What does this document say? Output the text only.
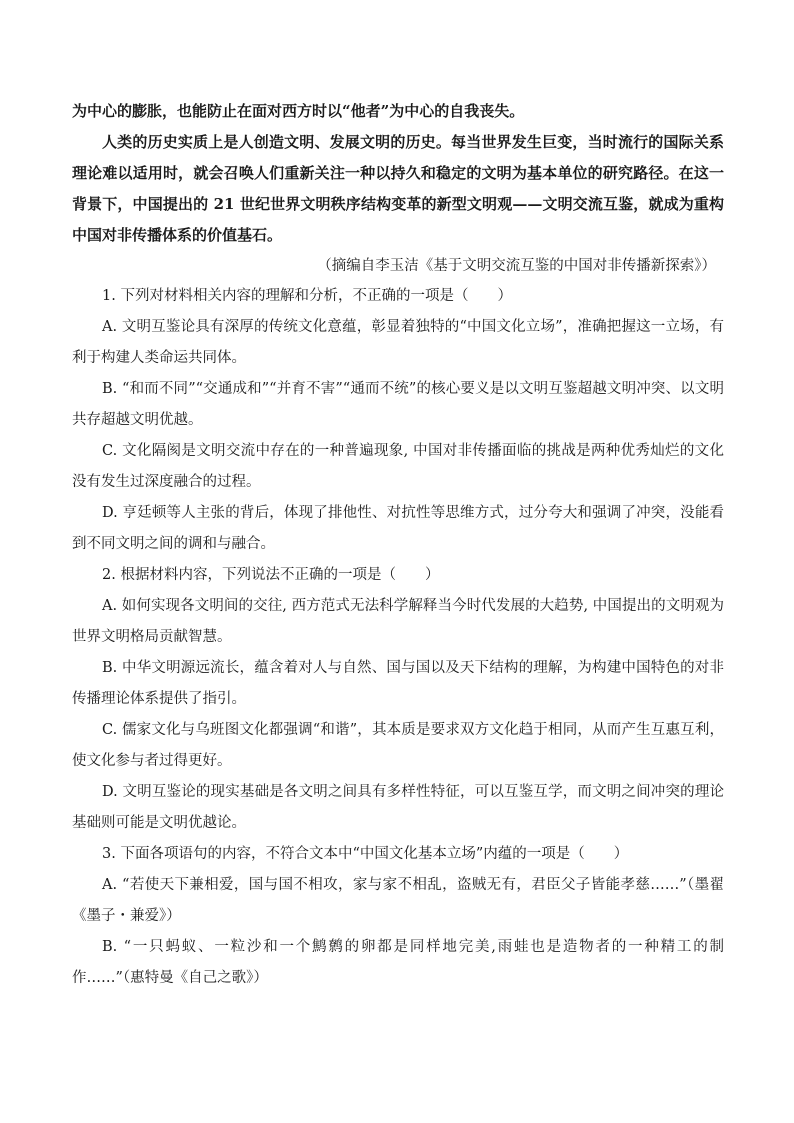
为中心的膨胀，也能防止在面对西方时以“他者”为中心的自我丧失。

人类的历史实质上是人创造文明、发展文明的历史。每当世界发生巨变，当时流行的国际关系理论难以适用时，就会召唤人们重新关注一种以持久和稳定的文明为基本单位的研究路径。在这一背景下，中国提出的 21 世纪世界文明秩序结构变革的新型文明观——文明交流互鉴，就成为重构中国对非传播体系的价值基石。

（摘编自李玉洁《基于文明交流互鉴的中国对非传播新探索》）

1. 下列对材料相关内容的理解和分析，不正确的一项是（　　）

A. 文明互鉴论具有深厚的传统文化意蕴，彰显着独特的“中国文化立场”，准确把握这一立场，有利于构建人类命运共同体。

B. “和而不同”“交通成和”“并育不害”“通而不统”的核心要义是以文明互鉴超越文明冲突、以文明共存超越文明优越。

C. 文化隔阂是文明交流中存在的一种普遍现象, 中国对非传播面临的挑战是两种优秀灿烂的文化没有发生过深度融合的过程。

D. 亨廷顿等人主张的背后，体现了排他性、对抗性等思维方式，过分夸大和强调了冲突，没能看到不同文明之间的调和与融合。

2. 根据材料内容，下列说法不正确的一项是（　　）

A. 如何实现各文明间的交往, 西方范式无法科学解释当今时代发展的大趋势, 中国提出的文明观为世界文明格局贡献智慧。

B. 中华文明源远流长，蕴含着对人与自然、国与国以及天下结构的理解，为构建中国特色的对非传播理论体系提供了指引。

C. 儒家文化与乌班图文化都强调“和谐”，其本质是要求双方文化趋于相同，从而产生互惠互利，使文化参与者过得更好。

D. 文明互鉴论的现实基础是各文明之间具有多样性特征，可以互鉴互学，而文明之间冲突的理论基础则可能是文明优越论。

3. 下面各项语句的内容，不符合文本中“中国文化基本立场”内蕴的一项是（　　）

A. “若使天下兼相爱，国与国不相攻，家与家不相乱，盗贼无有，君臣父子皆能孝慈……”（墨翟《墨子・兼爱》）

B. “一只蚂蚁、一粒沙和一个鹪鹩的卵都是同样地完美,雨蛙也是造物者的一种精工的制作……”（惠特曼《自己之歌》）
